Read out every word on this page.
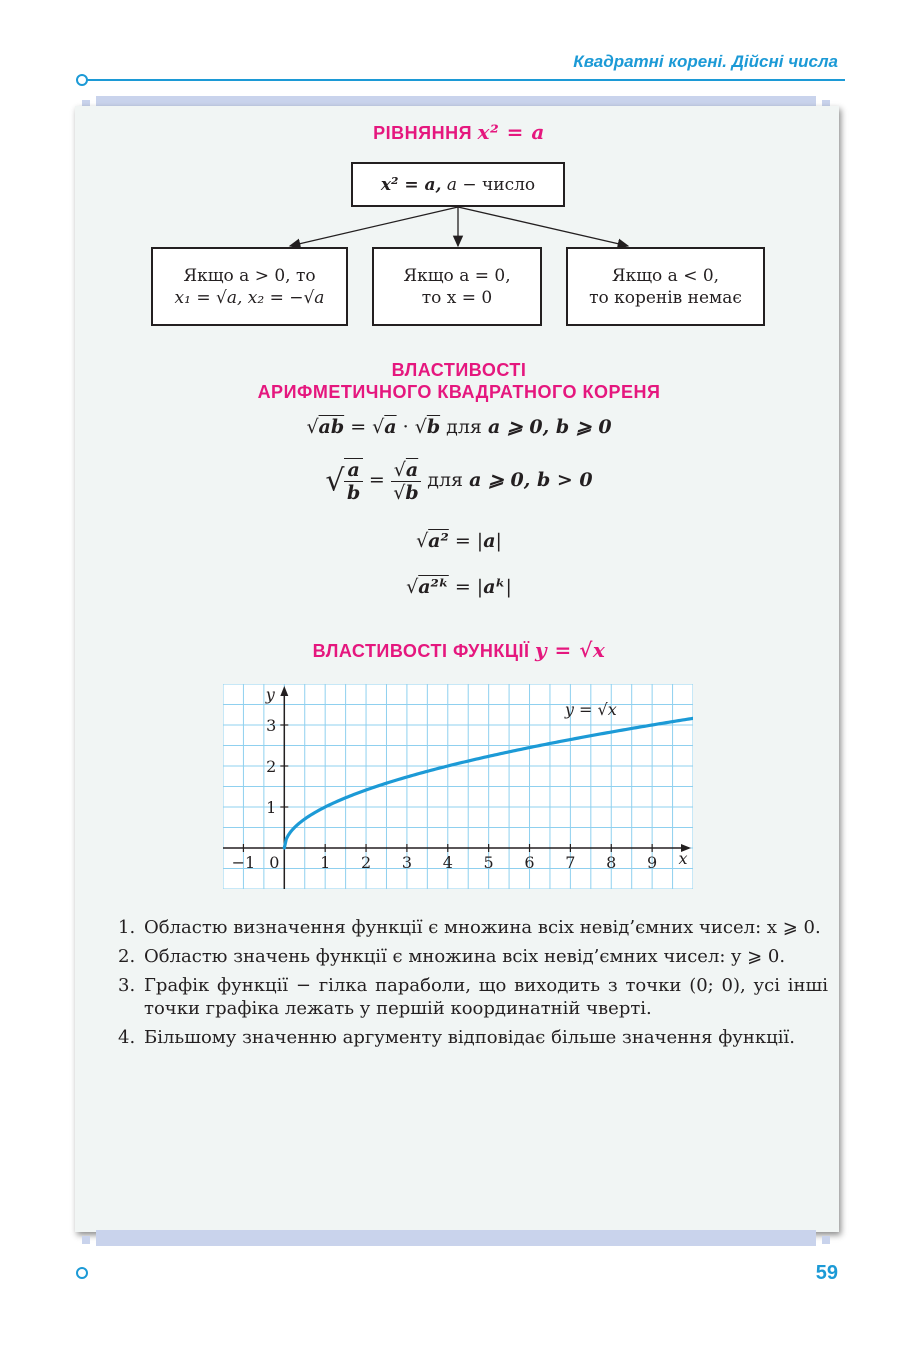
Квадратні корені. Дійсні числа
РІВНЯННЯ x² = a
x² = a, a − число
Якщо a > 0, то
x₁ = √a, x₂ = −√a
Якщо a = 0,
то x = 0
Якщо a < 0,
то коренів немає
ВЛАСТИВОСТІ
АРИФМЕТИЧНОГО КВАДРАТНОГО КОРЕНЯ
√ab = √a · √b для a ⩾ 0, b ⩾ 0
√ $\frac{a}{b} = \frac{√a}{√b}$ для a ⩾ 0, b > 0
√a² = |a|
√a²ᵏ = |aᵏ|
ВЛАСТИВОСТІ ФУНКЦІЇ y = √x
−1 0	1 2 3 4 5 6 7 8 9
1
2
3
x
y
y = √x
1. Областю визначення функції є множина всіх невід’ємних чисел: x ⩾ 0.
2. Областю значень функції є множина всіх невід’ємних чисел: y ⩾ 0.
3. Графік функції − гілка параболи, що виходить з точки (0; 0), усі інші точки графіка лежать у першій координатній чверті.
4. Більшому значенню аргументу відповідає більше значення функції.
59
